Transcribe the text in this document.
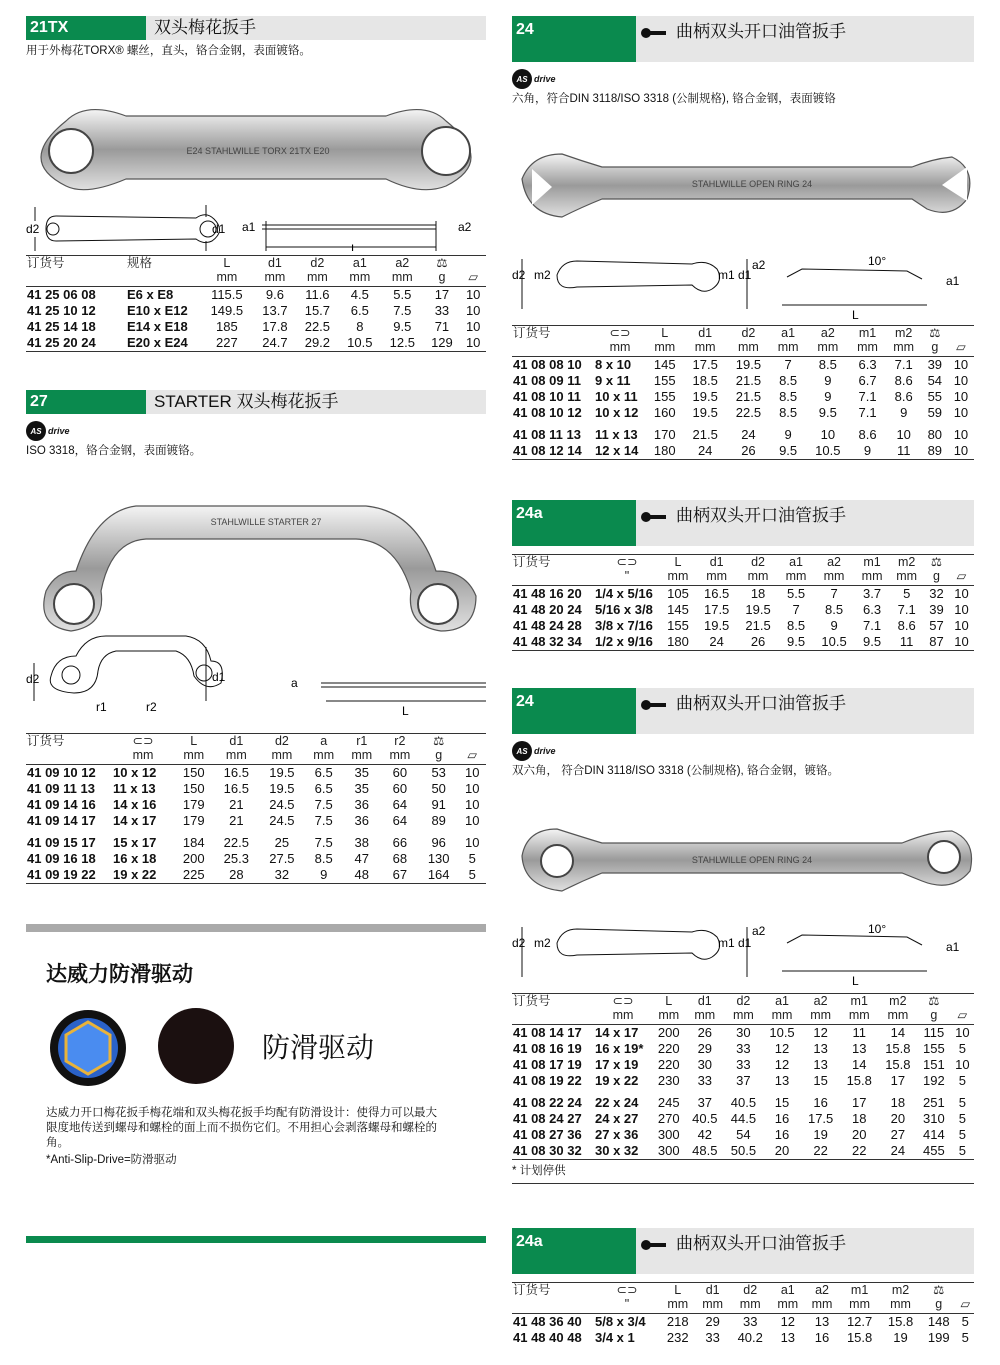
21TX	双头梅花扳手
用于外梅花TORX® 螺丝，直头，铬合金钢，表面镀铬。
E24 STAHLWILLE TORX 21TX E20
d2	d1 a1	a2
L
订货号	规格	L	d1	d2	a1	a2	⚖	
		mm	mm	mm	mm	mm	g	▱
41 25 06 08	E6 x E8	115.5	9.6	11.6	4.5	5.5	17	10
41 25 10 12	E10 x E12	149.5	13.7	15.7	6.5	7.5	33	10
41 25 14 18	E14 x E18	185	17.8	22.5	8	9.5	71	10
41 25 20 24	E20 x E24	227	24.7	29.2	10.5	12.5	129	10
27	STARTER 双头梅花扳手
AS drive
ISO 3318，铬合金钢，表面镀铬。
STAHLWILLE STARTER 27
d2	d1
r1	r2
a
L
订货号	⊂⊃	L	d1	d2	a	r1	r2	⚖	
	mm	mm	mm	mm	mm	mm	mm	g	▱
41 09 10 12	10 x 12	150	16.5	19.5	6.5	35	60	53	10
41 09 11 13	11 x 13	150	16.5	19.5	6.5	35	60	50	10
41 09 14 16	14 x 16	179	21	24.5	7.5	36	64	91	10
41 09 14 17	14 x 17	179	21	24.5	7.5	36	64	89	10
41 09 15 17	15 x 17	184	22.5	25	7.5	38	66	96	10
41 09 16 18	16 x 18	200	25.3	27.5	8.5	47	68	130	5
41 09 19 22	19 x 22	225	28	32	9	48	67	164	5
达威力防滑驱动
防滑驱动
达威力开口梅花扳手梅花端和双头梅花扳手均配有防滑设计：使得力可以最大限度地传送到螺母和螺栓的面上而不损伤它们。不用担心会剥落螺母和螺栓的角。
*Anti-Slip-Drive=防滑驱动
24	曲柄双头开口油管扳手
AS drive
六角，符合DIN 3118/ISO 3318 (公制规格), 铬合金钢，表面镀铬
STAHLWILLE OPEN RING 24
d2 m2	m1 d1
a2	10°
a1
L
订货号	⊂⊃	L	d1	d2	a1	a2	m1	m2	⚖	
	mm	mm	mm	mm	mm	mm	mm	mm	g	▱
41 08 08 10	8 x 10	145	17.5	19.5	7	8.5	6.3	7.1	39	10
41 08 09 11	9 x 11	155	18.5	21.5	8.5	9	6.7	8.6	54	10
41 08 10 11	10 x 11	155	19.5	21.5	8.5	9	7.1	8.6	55	10
41 08 10 12	10 x 12	160	19.5	22.5	8.5	9.5	7.1	9	59	10
41 08 11 13	11 x 13	170	21.5	24	9	10	8.6	10	80	10
41 08 12 14	12 x 14	180	24	26	9.5	10.5	9	11	89	10
24a	曲柄双头开口油管扳手
订货号	⊂⊃	L	d1	d2	a1	a2	m1	m2	⚖	
	"	mm	mm	mm	mm	mm	mm	mm	g	▱
41 48 16 20	1/4 x 5/16	105	16.5	18	5.5	7	3.7	5	32	10
41 48 20 24	5/16 x 3/8	145	17.5	19.5	7	8.5	6.3	7.1	39	10
41 48 24 28	3/8 x 7/16	155	19.5	21.5	8.5	9	7.1	8.6	57	10
41 48 32 34	1/2 x 9/16	180	24	26	9.5	10.5	9.5	11	87	10
24	曲柄双头开口油管扳手
AS drive
双六角， 符合DIN 3118/ISO 3318 (公制规格), 铬合金钢，镀铬。
STAHLWILLE OPEN RING 24
d2 m2	m1 d1
a2	10°
a1
L
订货号	⊂⊃	L	d1	d2	a1	a2	m1	m2	⚖	
	mm	mm	mm	mm	mm	mm	mm	mm	g	▱
41 08 14 17	14 x 17	200	26	30	10.5	12	11	14	115	10
41 08 16 19	16 x 19*	220	29	33	12	13	13	15.8	155	5
41 08 17 19	17 x 19	220	30	33	12	13	14	15.8	151	10
41 08 19 22	19 x 22	230	33	37	13	15	15.8	17	192	5
41 08 22 24	22 x 24	245	37	40.5	15	16	17	18	251	5
41 08 24 27	24 x 27	270	40.5	44.5	16	17.5	18	20	310	5
41 08 27 36	27 x 36	300	42	54	16	19	20	27	414	5
41 08 30 32	30 x 32	300	48.5	50.5	20	22	22	24	455	5
* 计划停供
24a	曲柄双头开口油管扳手
订货号	⊂⊃	L	d1	d2	a1	a2	m1	m2	⚖	
	"	mm	mm	mm	mm	mm	mm	mm	g	▱
41 48 36 40	5/8 x 3/4	218	29	33	12	13	12.7	15.8	148	5
41 48 40 48	3/4 x 1	232	33	40.2	13	16	15.8	19	199	5
